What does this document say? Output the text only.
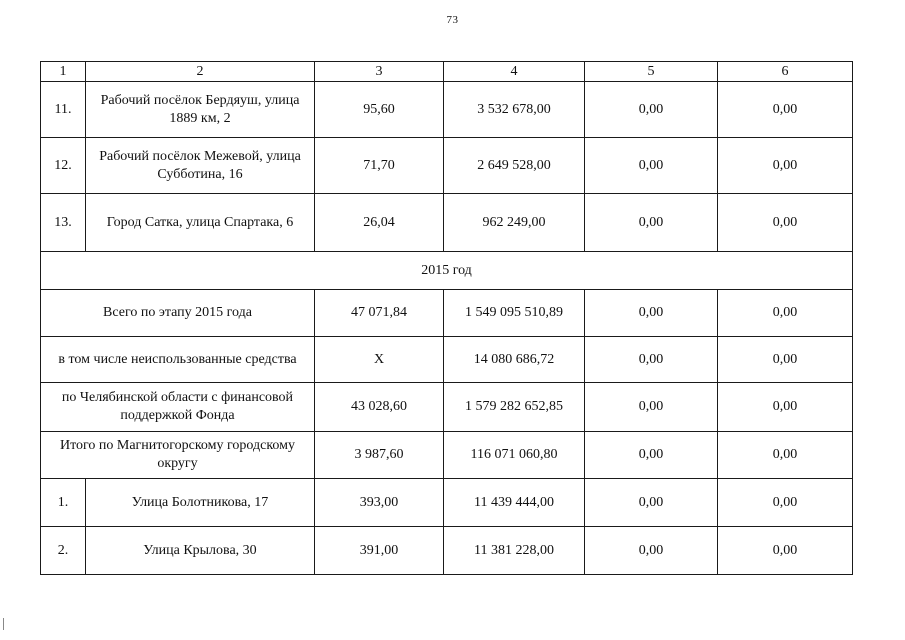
73
1	2	3	4	5	6
11.	Рабочий посёлок Бердяуш, улица 1889 км, 2	95,60	3 532 678,00	0,00	0,00
12.	Рабочий посёлок Межевой, улица Субботина, 16	71,70	2 649 528,00	0,00	0,00
13.	Город Сатка, улица Спартака, 6	26,04	962 249,00	0,00	0,00
2015 год					
Всего по этапу 2015 года		47 071,84	1 549 095 510,89	0,00	0,00
в том числе неиспользованные средства		X	14 080 686,72	0,00	0,00
по Челябинской области с финансовой поддержкой Фонда		43 028,60	1 579 282 652,85	0,00	0,00
Итого по Магнитогорскому городскому округу		3 987,60	116 071 060,80	0,00	0,00
1.	Улица Болотникова, 17	393,00	11 439 444,00	0,00	0,00
2.	Улица Крылова, 30	391,00	11 381 228,00	0,00	0,00
